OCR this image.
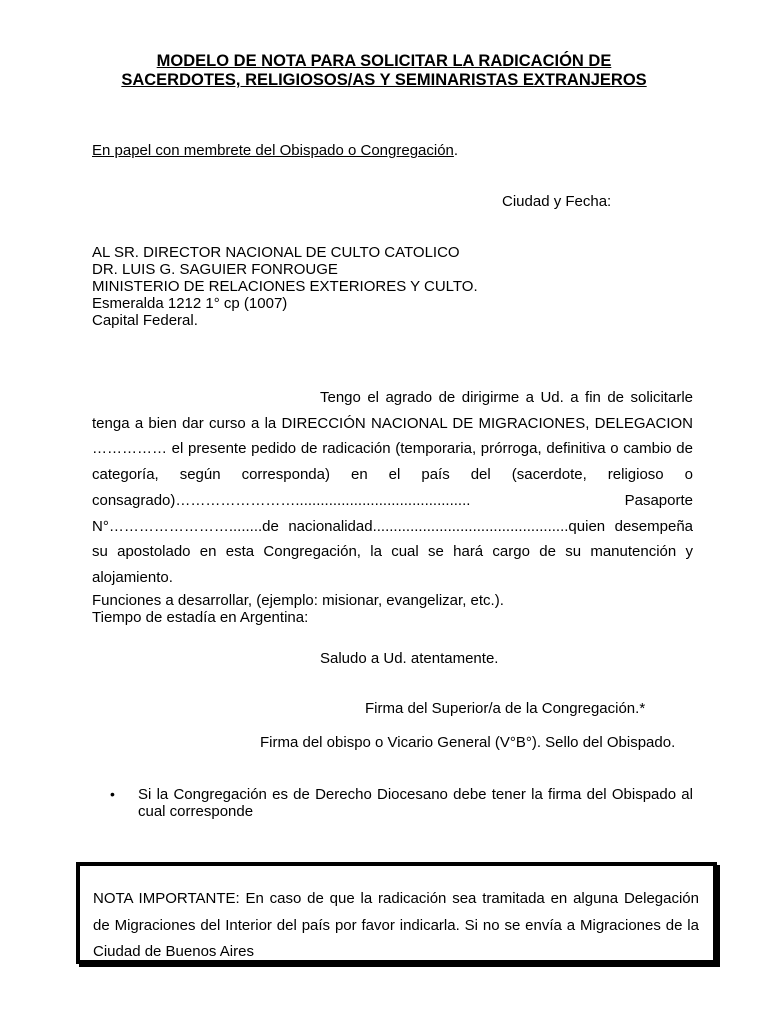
MODELO DE NOTA PARA SOLICITAR LA RADICACIÓN DE
SACERDOTES, RELIGIOSOS/AS Y SEMINARISTAS EXTRANJEROS
En papel con membrete del Obispado o Congregación.
Ciudad y Fecha:
AL SR. DIRECTOR NACIONAL DE CULTO CATOLICO
DR. LUIS G. SAGUIER FONROUGE
MINISTERIO DE RELACIONES EXTERIORES Y CULTO.
Esmeralda 1212 1° cp (1007)
Capital Federal.
Tengo el agrado de dirigirme a Ud. a fin de solicitarle tenga a bien dar curso a la DIRECCIÓN NACIONAL DE MIGRACIONES, DELEGACION …………… el presente pedido de radicación (temporaria, prórroga, definitiva o cambio de categoría, según corresponda) en el país del (sacerdote, religioso o consagrado)…………………….......................................... Pasaporte N°……………………........de nacionalidad...............................................quien desempeña su apostolado en esta Congregación, la cual se hará cargo de su manutención y alojamiento.
Funciones a desarrollar, (ejemplo: misionar, evangelizar, etc.).
Tiempo de estadía en Argentina:
Saludo a Ud. atentamente.
Firma del Superior/a de la Congregación.*
Firma del obispo o Vicario General (V°B°). Sello del Obispado.
• Si la Congregación es de Derecho Diocesano debe tener la firma del Obispado al cual corresponde
NOTA IMPORTANTE: En caso de que la radicación sea tramitada en alguna Delegación de Migraciones del Interior del país por favor indicarla. Si no se envía a Migraciones de la Ciudad de Buenos Aires
